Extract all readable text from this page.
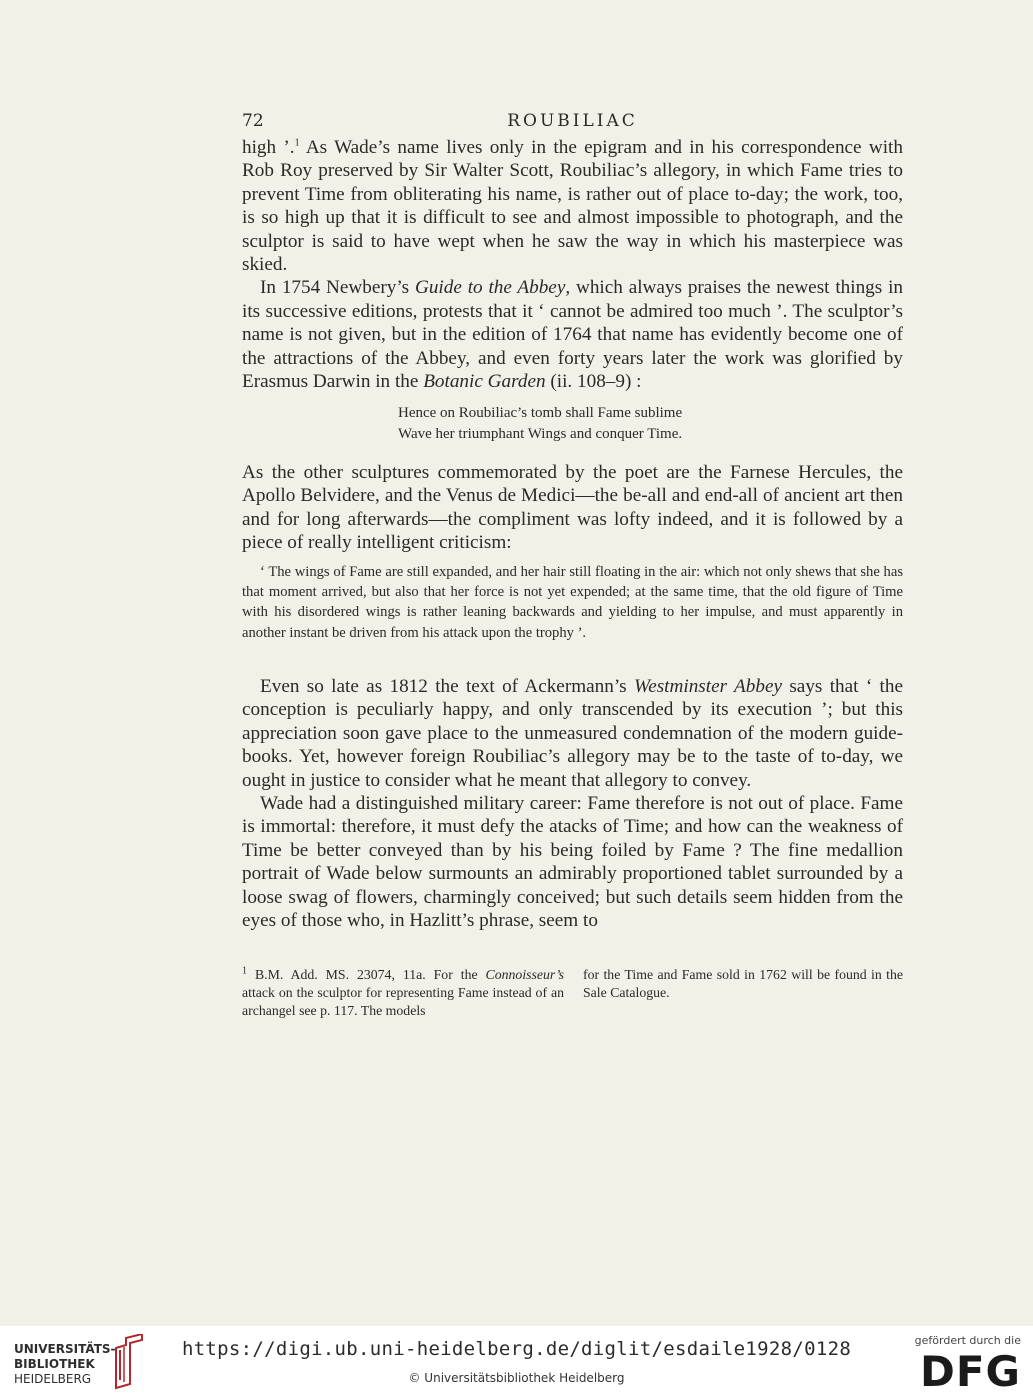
72	ROUBILIAC

high ’.$^1$ As Wade’s name lives only in the epigram and in his correspondence with Rob Roy preserved by Sir Walter Scott, Roubiliac’s allegory, in which Fame tries to prevent Time from obliterating his name, is rather out of place to-day; the work, too, is so high up that it is difficult to see and almost impossible to photograph, and the sculptor is said to have wept when he saw the way in which his masterpiece was skied.

In 1754 Newbery’s Guide to the Abbey, which always praises the newest things in its successive editions, protests that it ‘ cannot be admired too much ’. The sculptor’s name is not given, but in the edition of 1764 that name has evidently become one of the attractions of the Abbey, and even forty years later the work was glorified by Erasmus Darwin in the Botanic Garden (ii. 108–9) :

Hence on Roubiliac’s tomb shall Fame sublime
Wave her triumphant Wings and conquer Time.

As the other sculptures commemorated by the poet are the Farnese Hercules, the Apollo Belvidere, and the Venus de Medici—the be-all and end-all of ancient art then and for long afterwards—the compliment was lofty indeed, and it is followed by a piece of really intelligent criticism:

‘ The wings of Fame are still expanded, and her hair still floating in the air: which not only shews that she has that moment arrived, but also that her force is not yet expended; at the same time, that the old figure of Time with his disordered wings is rather leaning backwards and yielding to her impulse, and must apparently in another instant be driven from his attack upon the trophy ’.

Even so late as 1812 the text of Ackermann’s Westminster Abbey says that ‘ the conception is peculiarly happy, and only transcended by its execution ’; but this appreciation soon gave place to the unmeasured condemnation of the modern guide-books. Yet, however foreign Roubiliac’s allegory may be to the taste of to-day, we ought in justice to consider what he meant that allegory to convey.

Wade had a distinguished military career: Fame therefore is not out of place. Fame is immortal: therefore, it must defy the atacks of Time; and how can the weakness of Time be better conveyed than by his being foiled by Fame ? The fine medallion portrait of Wade below surmounts an admirably proportioned tablet surrounded by a loose swag of flowers, charmingly conceived; but such details seem hidden from the eyes of those who, in Hazlitt’s phrase, seem to

$^1$ B.M. Add. MS. 23074, 11a. For the Connoisseur’s attack on the sculptor for representing Fame instead of an archangel see p. 117. The models
for the Time and Fame sold in 1762 will be found in the Sale Catalogue.
UNIVERSITÄTS-
BIBLIOTHEK
HEIDELBERG
https://digi.ub.uni-heidelberg.de/diglit/esdaile1928/0128
© Universitätsbibliothek Heidelberg
gefördert durch die
DFG
